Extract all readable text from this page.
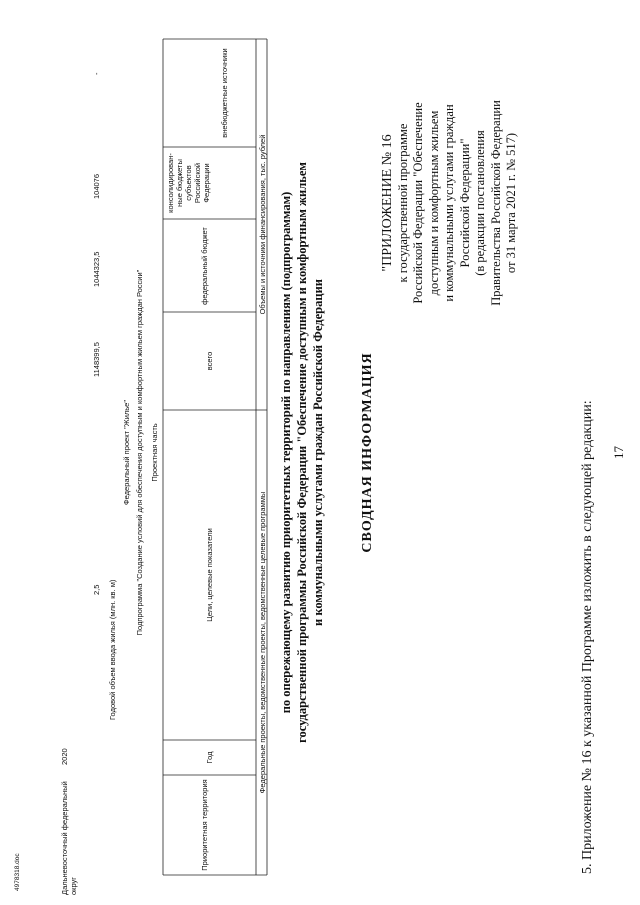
17
5. Приложение № 16 к указанной Программе изложить в следующей редакции:
"ПРИЛОЖЕНИЕ № 16 к государственной программе Российской Федерации "Обеспечение доступным и комфортным жильем и коммунальными услугами граждан Российской Федерации" (в редакции постановления Правительства Российской Федерации от 31 марта 2021 г. № 517)
СВОДНАЯ ИНФОРМАЦИЯ
по опережающему развитию приоритетных территорий по направлениям (подпрограммам) государственной программы Российской Федерации "Обеспечение доступным и комфортным жильем и коммунальными услугами граждан Российской Федерации
Федеральные проекты, ведомственные проекты, ведомственные целевые программы
Объемы и источники финансирования, тыс. рублей
Приоритетная территория
Год
Цели, целевые показатели
всего
федеральный бюджет
консолидирован-ные бюджеты субъектов Российской Федерации
внебюджетные источники
Проектная часть
Подпрограмма "Создание условий для обеспечения доступным и комфортным жильем граждан России"
Федеральный проект "Жилье"
Годовой объем ввода жилья (млн. кв. м)
Дальневосточный федеральный округ
2020
2,5
1148399,5
1044323,5
104076
-
4978318.doc
